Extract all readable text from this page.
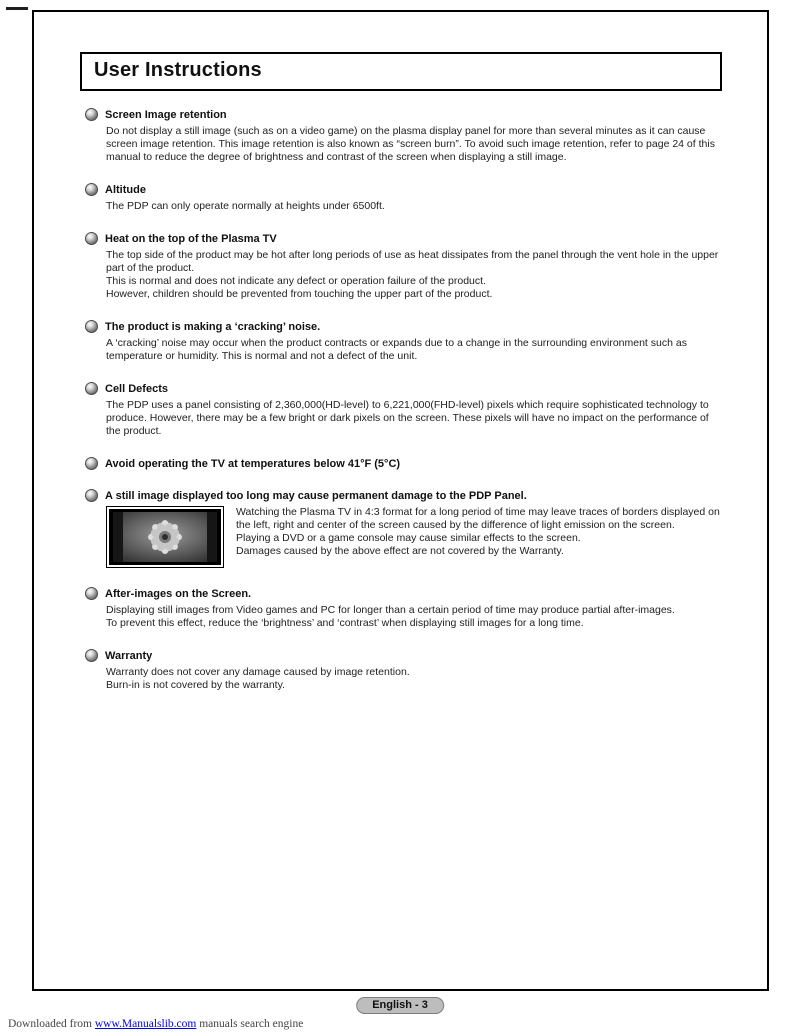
User Instructions
Screen Image retention
Do not display a still image (such as on a video game) on the plasma display panel for more than several minutes as it can cause screen image retention. This image retention is also known as “screen burn”. To avoid such image retention, refer to page 24 of this manual to reduce the degree of brightness and contrast of the screen when displaying a still image.
Altitude
The PDP can only operate normally at heights under 6500ft.
Heat on the top of the Plasma TV
The top side of the product may be hot after long periods of use as heat dissipates from the panel through the vent hole in the upper part of the product.
This is normal and does not indicate any defect or operation failure of the product.
However, children should be prevented from touching the upper part of the product.
The product is making a ‘cracking’ noise.
A ‘cracking’ noise may occur when the product contracts or expands due to a change in the surrounding environment such as temperature or humidity. This is normal and not a defect of the unit.
Cell Defects
The PDP uses a panel consisting of 2,360,000(HD-level) to 6,221,000(FHD-level) pixels which require sophisticated technology to produce. However, there may be a few bright or dark pixels on the screen. These pixels will have no impact on the performance of the product.
Avoid operating the TV at temperatures below 41°F (5°C)
A still image displayed too long may cause permanent damage to the PDP Panel.
Watching the Plasma TV in 4:3 format for a long period of time may leave traces of borders displayed on the left, right and center of the screen caused by the difference of light emission on the screen.
Playing a DVD or a game console may cause similar effects to the screen.
Damages caused by the above effect are not covered by the Warranty.
After-images on the Screen.
Displaying still images from Video games and PC for longer than a certain period of time may produce partial after-images.
To prevent this effect, reduce the ‘brightness’ and ‘contrast’ when displaying still images for a long time.
Warranty
Warranty does not cover any damage caused by image retention.
Burn-in is not covered by the warranty.
English - 3
Downloaded from www.Manualslib.com manuals search engine
